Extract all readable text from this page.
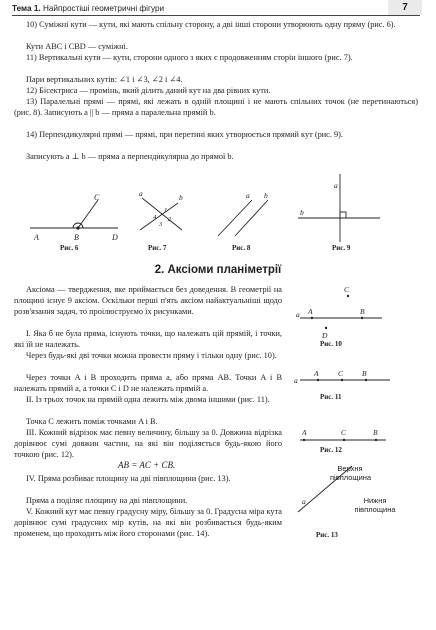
Тема 1. Найпростіші геометричні фігури	7

10) Суміжні кути — кути, які мають спільну сторону, а дві інші сторони утворюють одну пряму (рис. 6).

Кути ABC і CBD — суміжні.

11) Вертикальні кути — кути, сторони одного з яких є продовженням сторін іншого (рис. 7).

Пари вертикальних кутів: ∠1 і ∠3, ∠2 і ∠4.

12) Бісектриса — промінь, який ділить даний кут на два рівних кути.

13) Паралельні прямі — прямі, які лежать в одній площині і не мають спільних точок (не перетинаються) (рис. 8). Записують a || b — пряма a паралельна прямій b.

14) Перпендикулярні прямі — прямі, при перетині яких утворюється прямий кут (рис. 9).

Записують a ⊥ b — пряма a перпендикулярна до прямої b.

C
A	B	D
a	b
1
2
3
4
a b
a
b
Рис. 6	Рис. 7	Рис. 8	Рис. 9
2. Аксіоми планіметрії

Аксіома — твердження, яке приймається без доведення. В геометрії на площині існує 9 аксіом. Оскільки перші п'ять аксіом найактуальніші щодо розв'язання задач, то проілюструємо їх рисунками.

I. Яка б не була пряма, існують точки, що належать цій прямій, і точки, які їй не належать.

Через будь-які дві точки можна провести пряму і тільки одну (рис. 10).

Через точки A і B проходить пряма a, або пряма AB. Точки A і B належать прямій a, а точки C і D не належать прямій a.

II. Із трьох точок на прямій одна лежить між двома іншими (рис. 11).

Точка C лежить поміж точками A і B.

III. Кожний відрізок має певну величину, більшу за 0. Довжина відрізка дорівнює сумі довжин частин, на які він поділяється будь-якою його точкою (рис. 12).

AB = AC + CB.

IV. Пряма розбиває площину на дві півплощини (рис. 13).

Пряма a поділяє площину на дві півплощини.

V. Кожний кут має певну градусну міру, більшу за 0. Градусна міра кута дорівнює сумі градусних мір кутів, на які він розбивається будь-яким променем, що проходить між його сторонами (рис. 14).

C
a A
D
B
a
A	C	B
A	C	B
a
Рис. 10
Рис. 11
Рис. 12
Верхня півплощина
Нижня півплощина
Рис. 13
